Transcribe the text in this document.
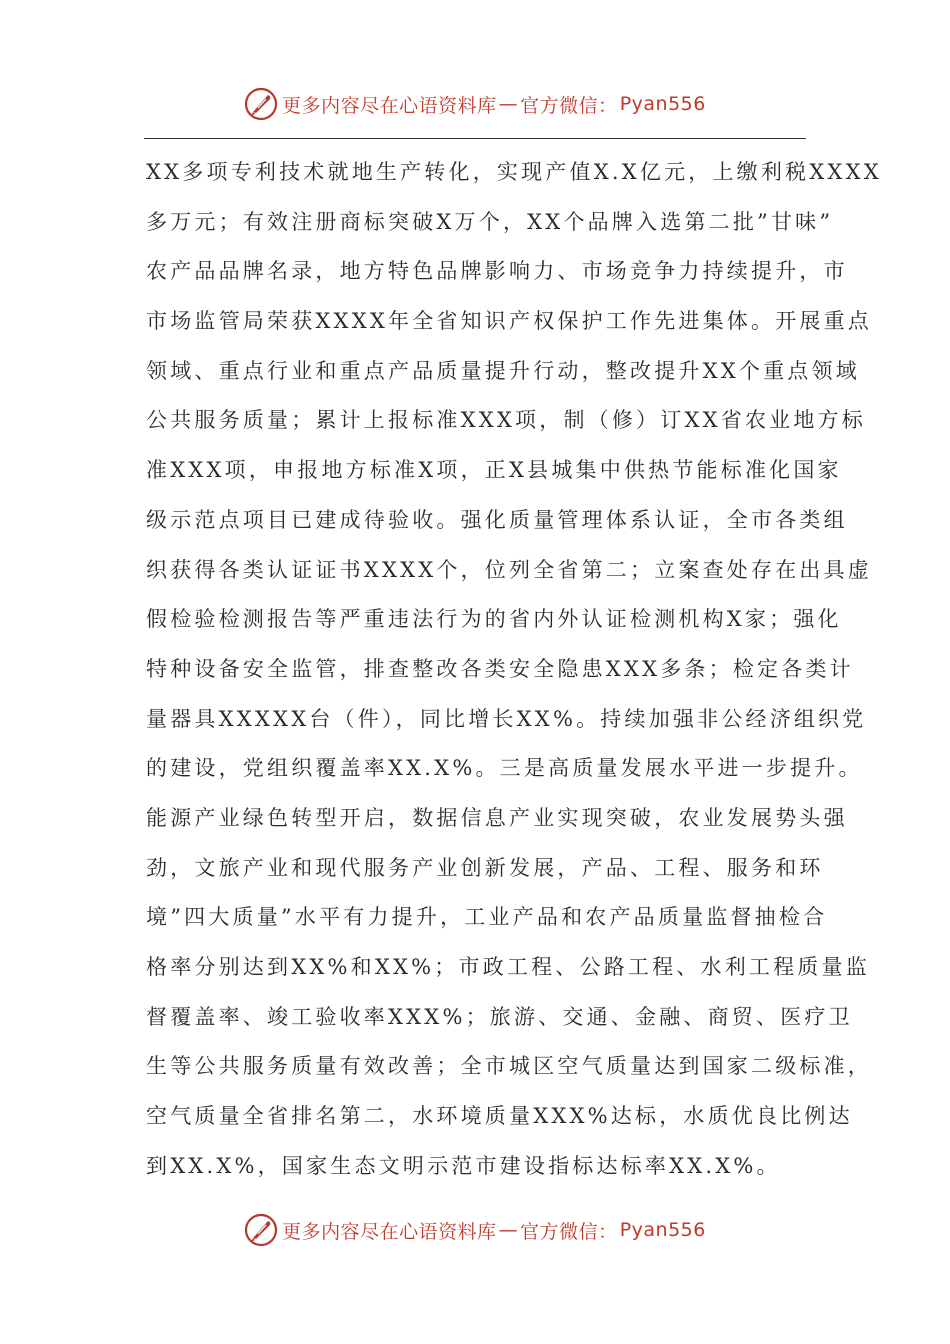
更多内容尽在心语资料库 — 官方微信： Pyan556
XX多项专利技术就地生产转化，实现产值X.X亿元，上缴利税XXXX
多万元；有效注册商标突破X万个，XX个品牌入选第二批”甘味”
农产品品牌名录，地方特色品牌影响力、市场竞争力持续提升，市
市场监管局荣获XXXX年全省知识产权保护工作先进集体。开展重点
领域、重点行业和重点产品质量提升行动，整改提升XX个重点领域
公共服务质量；累计上报标准XXX项，制（修）订XX省农业地方标
准XXX项，申报地方标准X项，正X县城集中供热节能标准化国家
级示范点项目已建成待验收。强化质量管理体系认证，全市各类组
织获得各类认证证书XXXX个，位列全省第二；立案查处存在出具虚
假检验检测报告等严重违法行为的省内外认证检测机构X家；强化
特种设备安全监管，排查整改各类安全隐患XXX多条；检定各类计
量器具XXXXX台（件），同比增长XX%。持续加强非公经济组织党
的建设，党组织覆盖率XX.X%。三是高质量发展水平进一步提升。
能源产业绿色转型开启，数据信息产业实现突破，农业发展势头强
劲，文旅产业和现代服务产业创新发展，产品、工程、服务和环
境”四大质量”水平有力提升，工业产品和农产品质量监督抽检合
格率分别达到XX%和XX%；市政工程、公路工程、水利工程质量监
督覆盖率、竣工验收率XXX%；旅游、交通、金融、商贸、医疗卫
生等公共服务质量有效改善；全市城区空气质量达到国家二级标准，
空气质量全省排名第二，水环境质量XXX%达标，水质优良比例达
到XX.X%，国家生态文明示范市建设指标达标率XX.X%。
更多内容尽在心语资料库 — 官方微信： Pyan556
